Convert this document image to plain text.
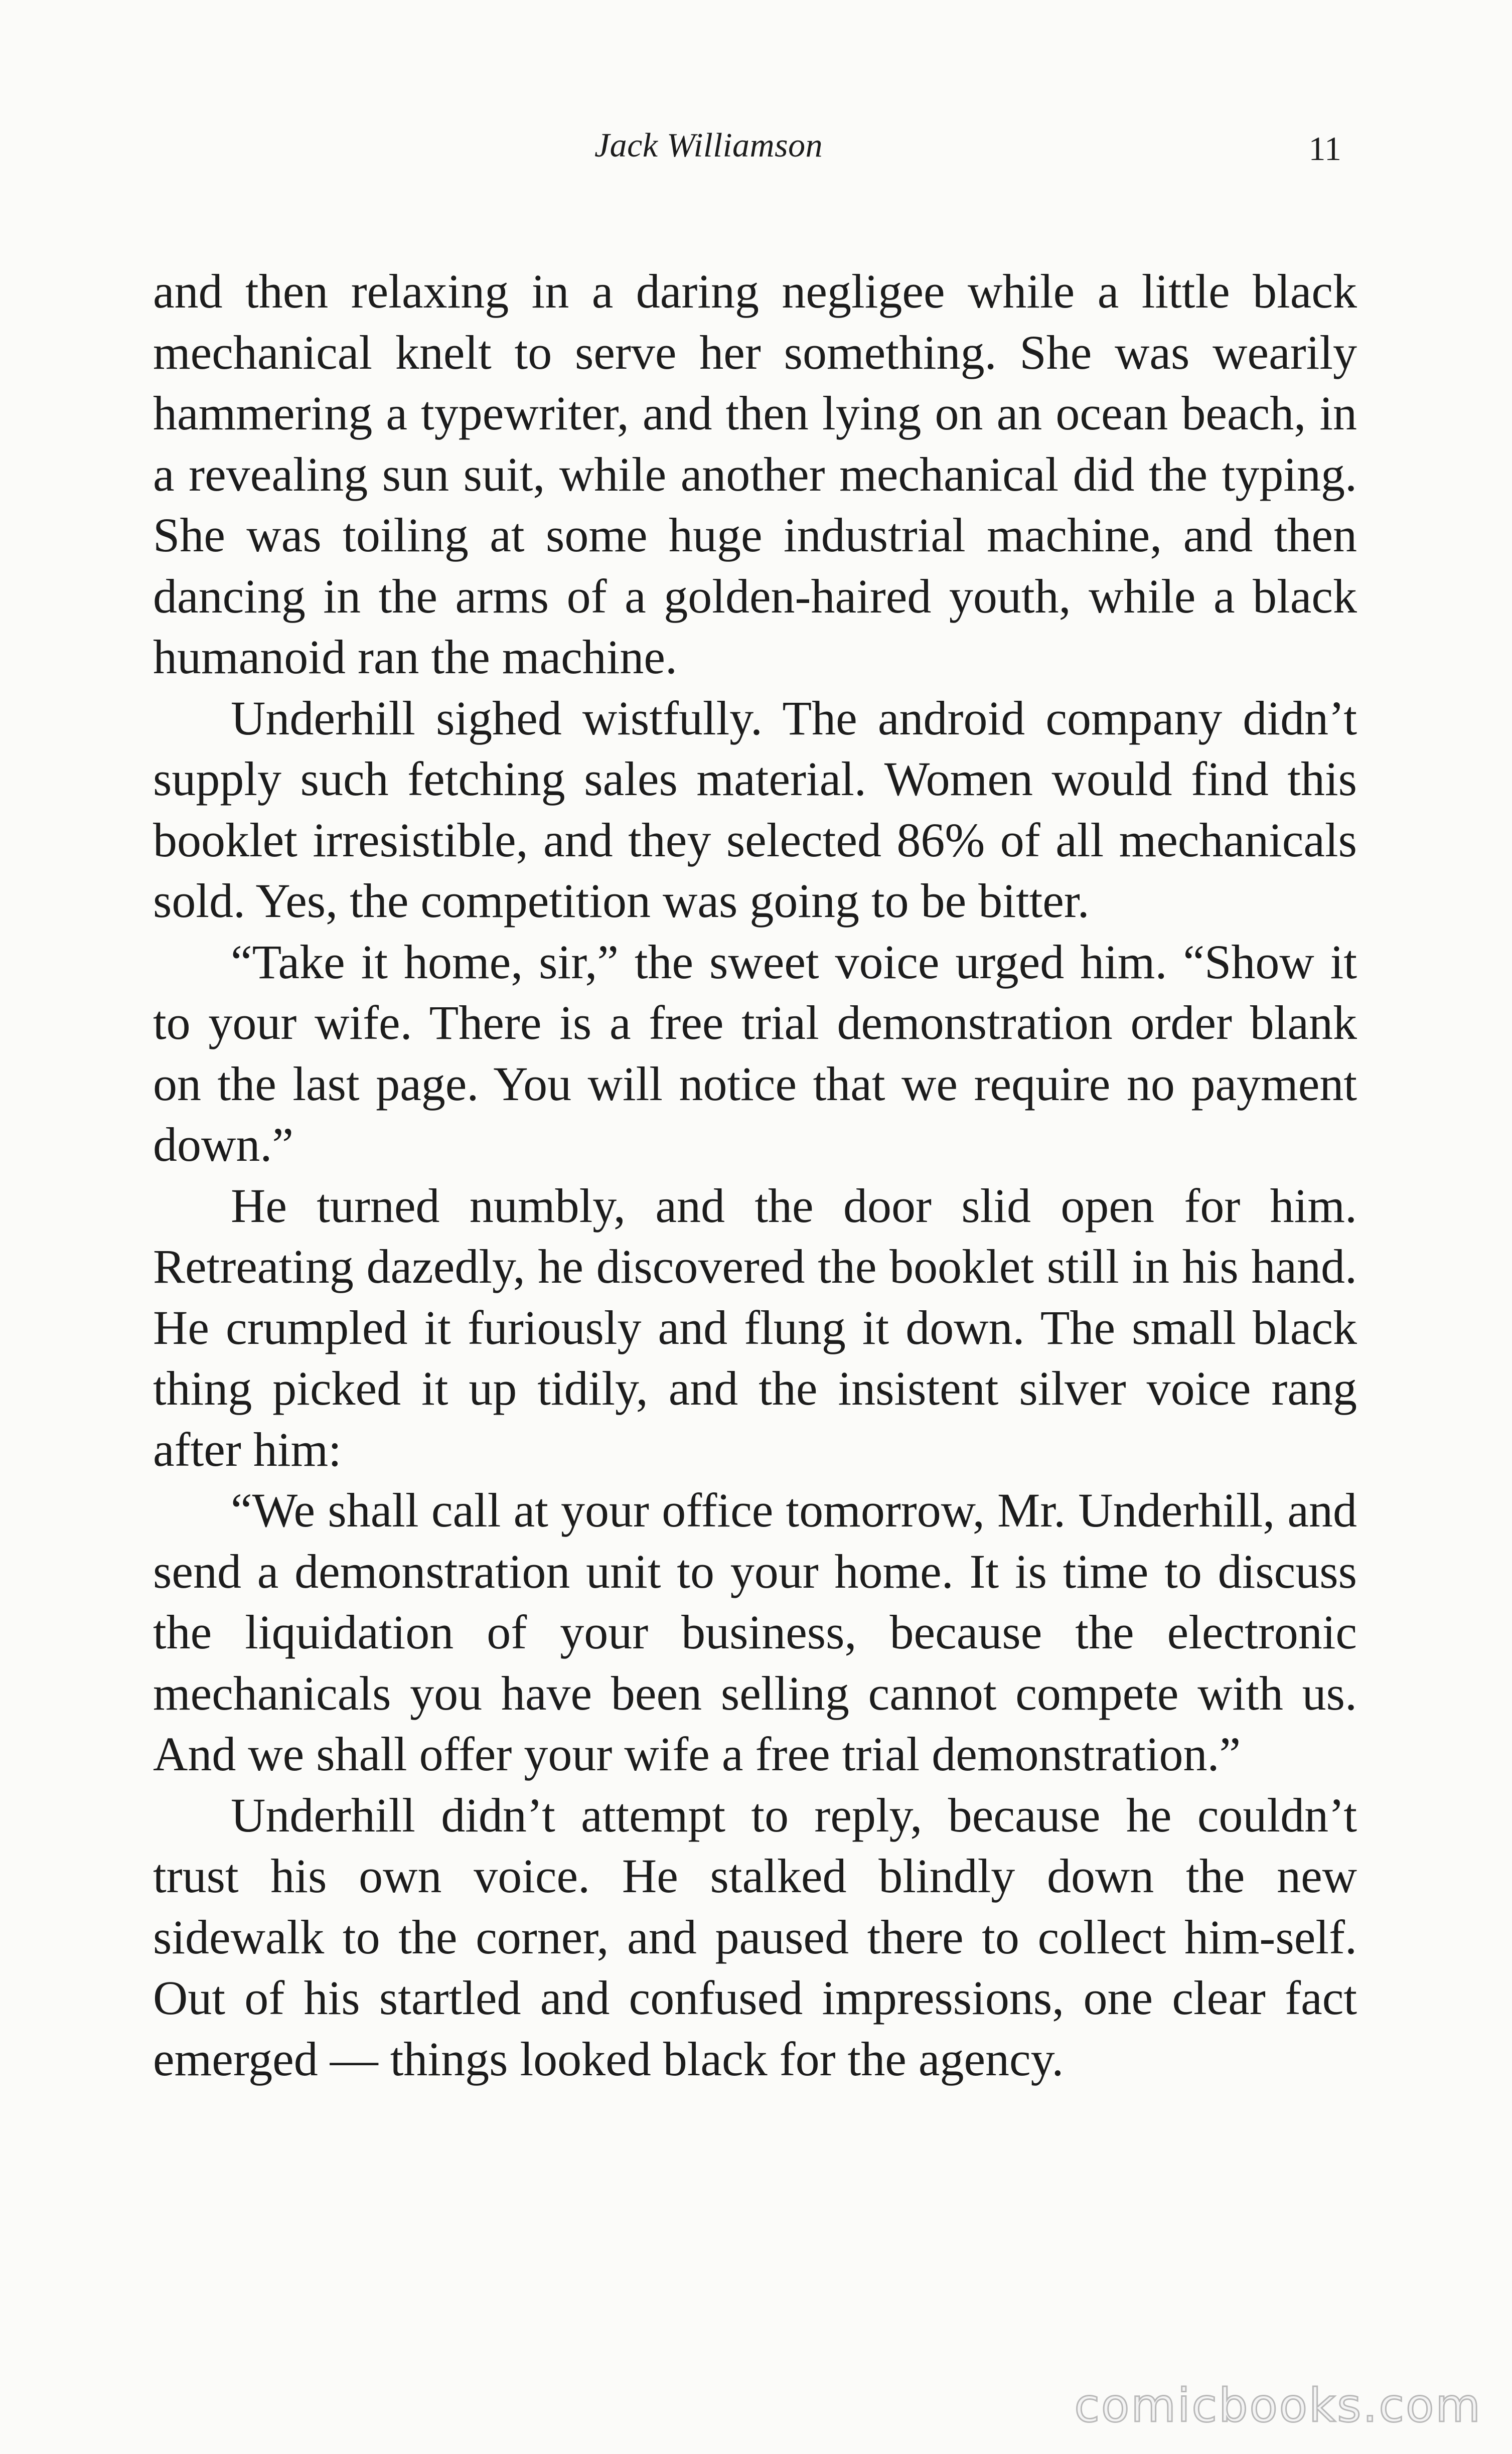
Jack Williamson	11

and then relaxing in a daring negligee while a little black mechanical knelt to serve her something. She was wearily hammering a typewriter, and then lying on an ocean beach, in a revealing sun suit, while another mechanical did the typing. She was toiling at some huge industrial machine, and then dancing in the arms of a golden-haired youth, while a black humanoid ran the machine.

Underhill sighed wistfully. The android company didn’t supply such fetching sales material. Women would find this booklet irresistible, and they selected 86% of all mechanicals sold. Yes, the competition was going to be bitter.

“Take it home, sir,” the sweet voice urged him. “Show it to your wife. There is a free trial demonstration order blank on the last page. You will notice that we require no payment down.”

He turned numbly, and the door slid open for him. Retreating dazedly, he discovered the booklet still in his hand. He crumpled it furiously and flung it down. The small black thing picked it up tidily, and the insistent silver voice rang after him:

“We shall call at your office tomorrow, Mr. Underhill, and send a demonstration unit to your home. It is time to discuss the liquidation of your business, because the electronic mechanicals you have been selling cannot compete with us. And we shall offer your wife a free trial demonstration.”

Underhill didn’t attempt to reply, because he couldn’t trust his own voice. He stalked blindly down the new sidewalk to the corner, and paused there to collect him-self. Out of his startled and confused impressions, one clear fact emerged — things looked black for the agency.

comicbooks.com
